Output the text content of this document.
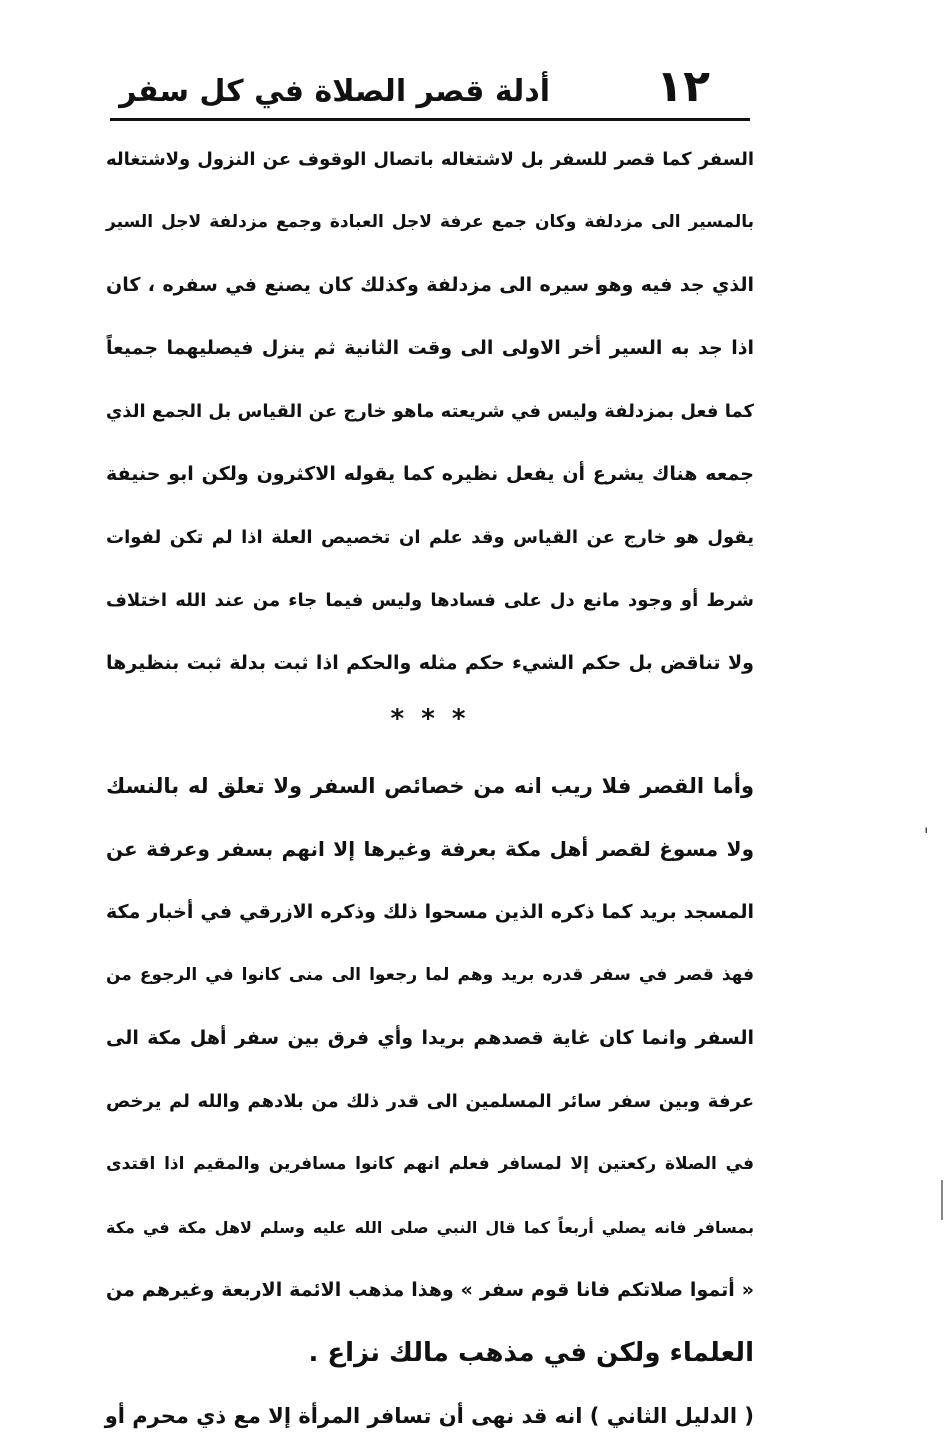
١٢
أدلة قصر الصلاة في كل سفر
السفر كما قصر للسفر بل لاشتغاله باتصال الوقوف عن النزول ولاشتغاله
بالمسير الى مزدلفة وكان جمع عرفة لاجل العبادة وجمع مزدلفة لاجل السير
الذي جد فيه وهو سيره الى مزدلفة وكذلك كان يصنع في سفره ، كان
اذا جد به السير أخر الاولى الى وقت الثانية ثم ينزل فيصليهما جميعاً
كما فعل بمزدلفة وليس في شريعته ماهو خارج عن القياس بل الجمع الذي
جمعه هناك يشرع أن يفعل نظيره كما يقوله الاكثرون ولكن ابو حنيفة
يقول هو خارج عن القياس وقد علم ان تخصيص العلة اذا لم تكن لفوات
شرط أو وجود مانع دل على فسادها وليس فيما جاء من عند الله اختلاف
ولا تناقض بل حكم الشيء حكم مثله والحكم اذا ثبت بدلة ثبت بنظيرها
* * *
وأما القصر فلا ريب انه من خصائص السفر ولا تعلق له بالنسك
ولا مسوغ لقصر أهل مكة بعرفة وغيرها إلا انهم بسفر وعرفة عن
المسجد بريد كما ذكره الذين مسحوا ذلك وذكره الازرقي في أخبار مكة
فهذ قصر في سفر قدره بريد وهم لما رجعوا الى منى كانوا في الرجوع من
السفر وانما كان غاية قصدهم بريدا وأي فرق بين سفر أهل مكة الى
عرفة وبين سفر سائر المسلمين الى قدر ذلك من بلادهم والله لم يرخص
في الصلاة ركعتين إلا لمسافر فعلم انهم كانوا مسافرين والمقيم اذا اقتدى
بمسافر فانه يصلي أربعاً كما قال النبي صلى الله عليه وسلم لاهل مكة في مكة
« أتموا صلاتكم فانا قوم سفر » وهذا مذهب الائمة الاربعة وغيرهم من
العلماء ولكن في مذهب مالك نزاع .
( الدليل الثاني ) انه قد نهى أن تسافر المرأة إلا مع ذي محرم أو
ˈ
